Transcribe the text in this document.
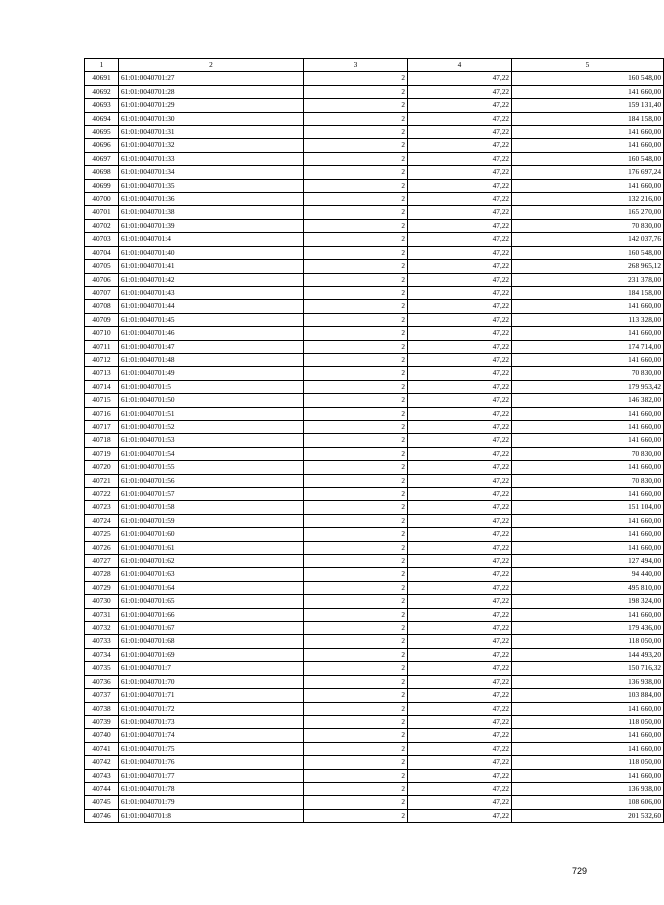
1	2	3	4	5
40691	61:01:0040701:27	2	47,22	160 548,00
40692	61:01:0040701:28	2	47,22	141 660,00
40693	61:01:0040701:29	2	47,22	159 131,40
40694	61:01:0040701:30	2	47,22	184 158,00
40695	61:01:0040701:31	2	47,22	141 660,00
40696	61:01:0040701:32	2	47,22	141 660,00
40697	61:01:0040701:33	2	47,22	160 548,00
40698	61:01:0040701:34	2	47,22	176 697,24
40699	61:01:0040701:35	2	47,22	141 660,00
40700	61:01:0040701:36	2	47,22	132 216,00
40701	61:01:0040701:38	2	47,22	165 270,00
40702	61:01:0040701:39	2	47,22	70 830,00
40703	61:01:0040701:4	2	47,22	142 037,76
40704	61:01:0040701:40	2	47,22	160 548,00
40705	61:01:0040701:41	2	47,22	268 965,12
40706	61:01:0040701:42	2	47,22	231 378,00
40707	61:01:0040701:43	2	47,22	184 158,00
40708	61:01:0040701:44	2	47,22	141 660,00
40709	61:01:0040701:45	2	47,22	113 328,00
40710	61:01:0040701:46	2	47,22	141 660,00
40711	61:01:0040701:47	2	47,22	174 714,00
40712	61:01:0040701:48	2	47,22	141 660,00
40713	61:01:0040701:49	2	47,22	70 830,00
40714	61:01:0040701:5	2	47,22	179 953,42
40715	61:01:0040701:50	2	47,22	146 382,00
40716	61:01:0040701:51	2	47,22	141 660,00
40717	61:01:0040701:52	2	47,22	141 660,00
40718	61:01:0040701:53	2	47,22	141 660,00
40719	61:01:0040701:54	2	47,22	70 830,00
40720	61:01:0040701:55	2	47,22	141 660,00
40721	61:01:0040701:56	2	47,22	70 830,00
40722	61:01:0040701:57	2	47,22	141 660,00
40723	61:01:0040701:58	2	47,22	151 104,00
40724	61:01:0040701:59	2	47,22	141 660,00
40725	61:01:0040701:60	2	47,22	141 660,00
40726	61:01:0040701:61	2	47,22	141 660,00
40727	61:01:0040701:62	2	47,22	127 494,00
40728	61:01:0040701:63	2	47,22	94 440,00
40729	61:01:0040701:64	2	47,22	495 810,00
40730	61:01:0040701:65	2	47,22	198 324,00
40731	61:01:0040701:66	2	47,22	141 660,00
40732	61:01:0040701:67	2	47,22	179 436,00
40733	61:01:0040701:68	2	47,22	118 050,00
40734	61:01:0040701:69	2	47,22	144 493,20
40735	61:01:0040701:7	2	47,22	150 716,32
40736	61:01:0040701:70	2	47,22	136 938,00
40737	61:01:0040701:71	2	47,22	103 884,00
40738	61:01:0040701:72	2	47,22	141 660,00
40739	61:01:0040701:73	2	47,22	118 050,00
40740	61:01:0040701:74	2	47,22	141 660,00
40741	61:01:0040701:75	2	47,22	141 660,00
40742	61:01:0040701:76	2	47,22	118 050,00
40743	61:01:0040701:77	2	47,22	141 660,00
40744	61:01:0040701:78	2	47,22	136 938,00
40745	61:01:0040701:79	2	47,22	108 606,00
40746	61:01:0040701:8	2	47,22	201 532,60
729
